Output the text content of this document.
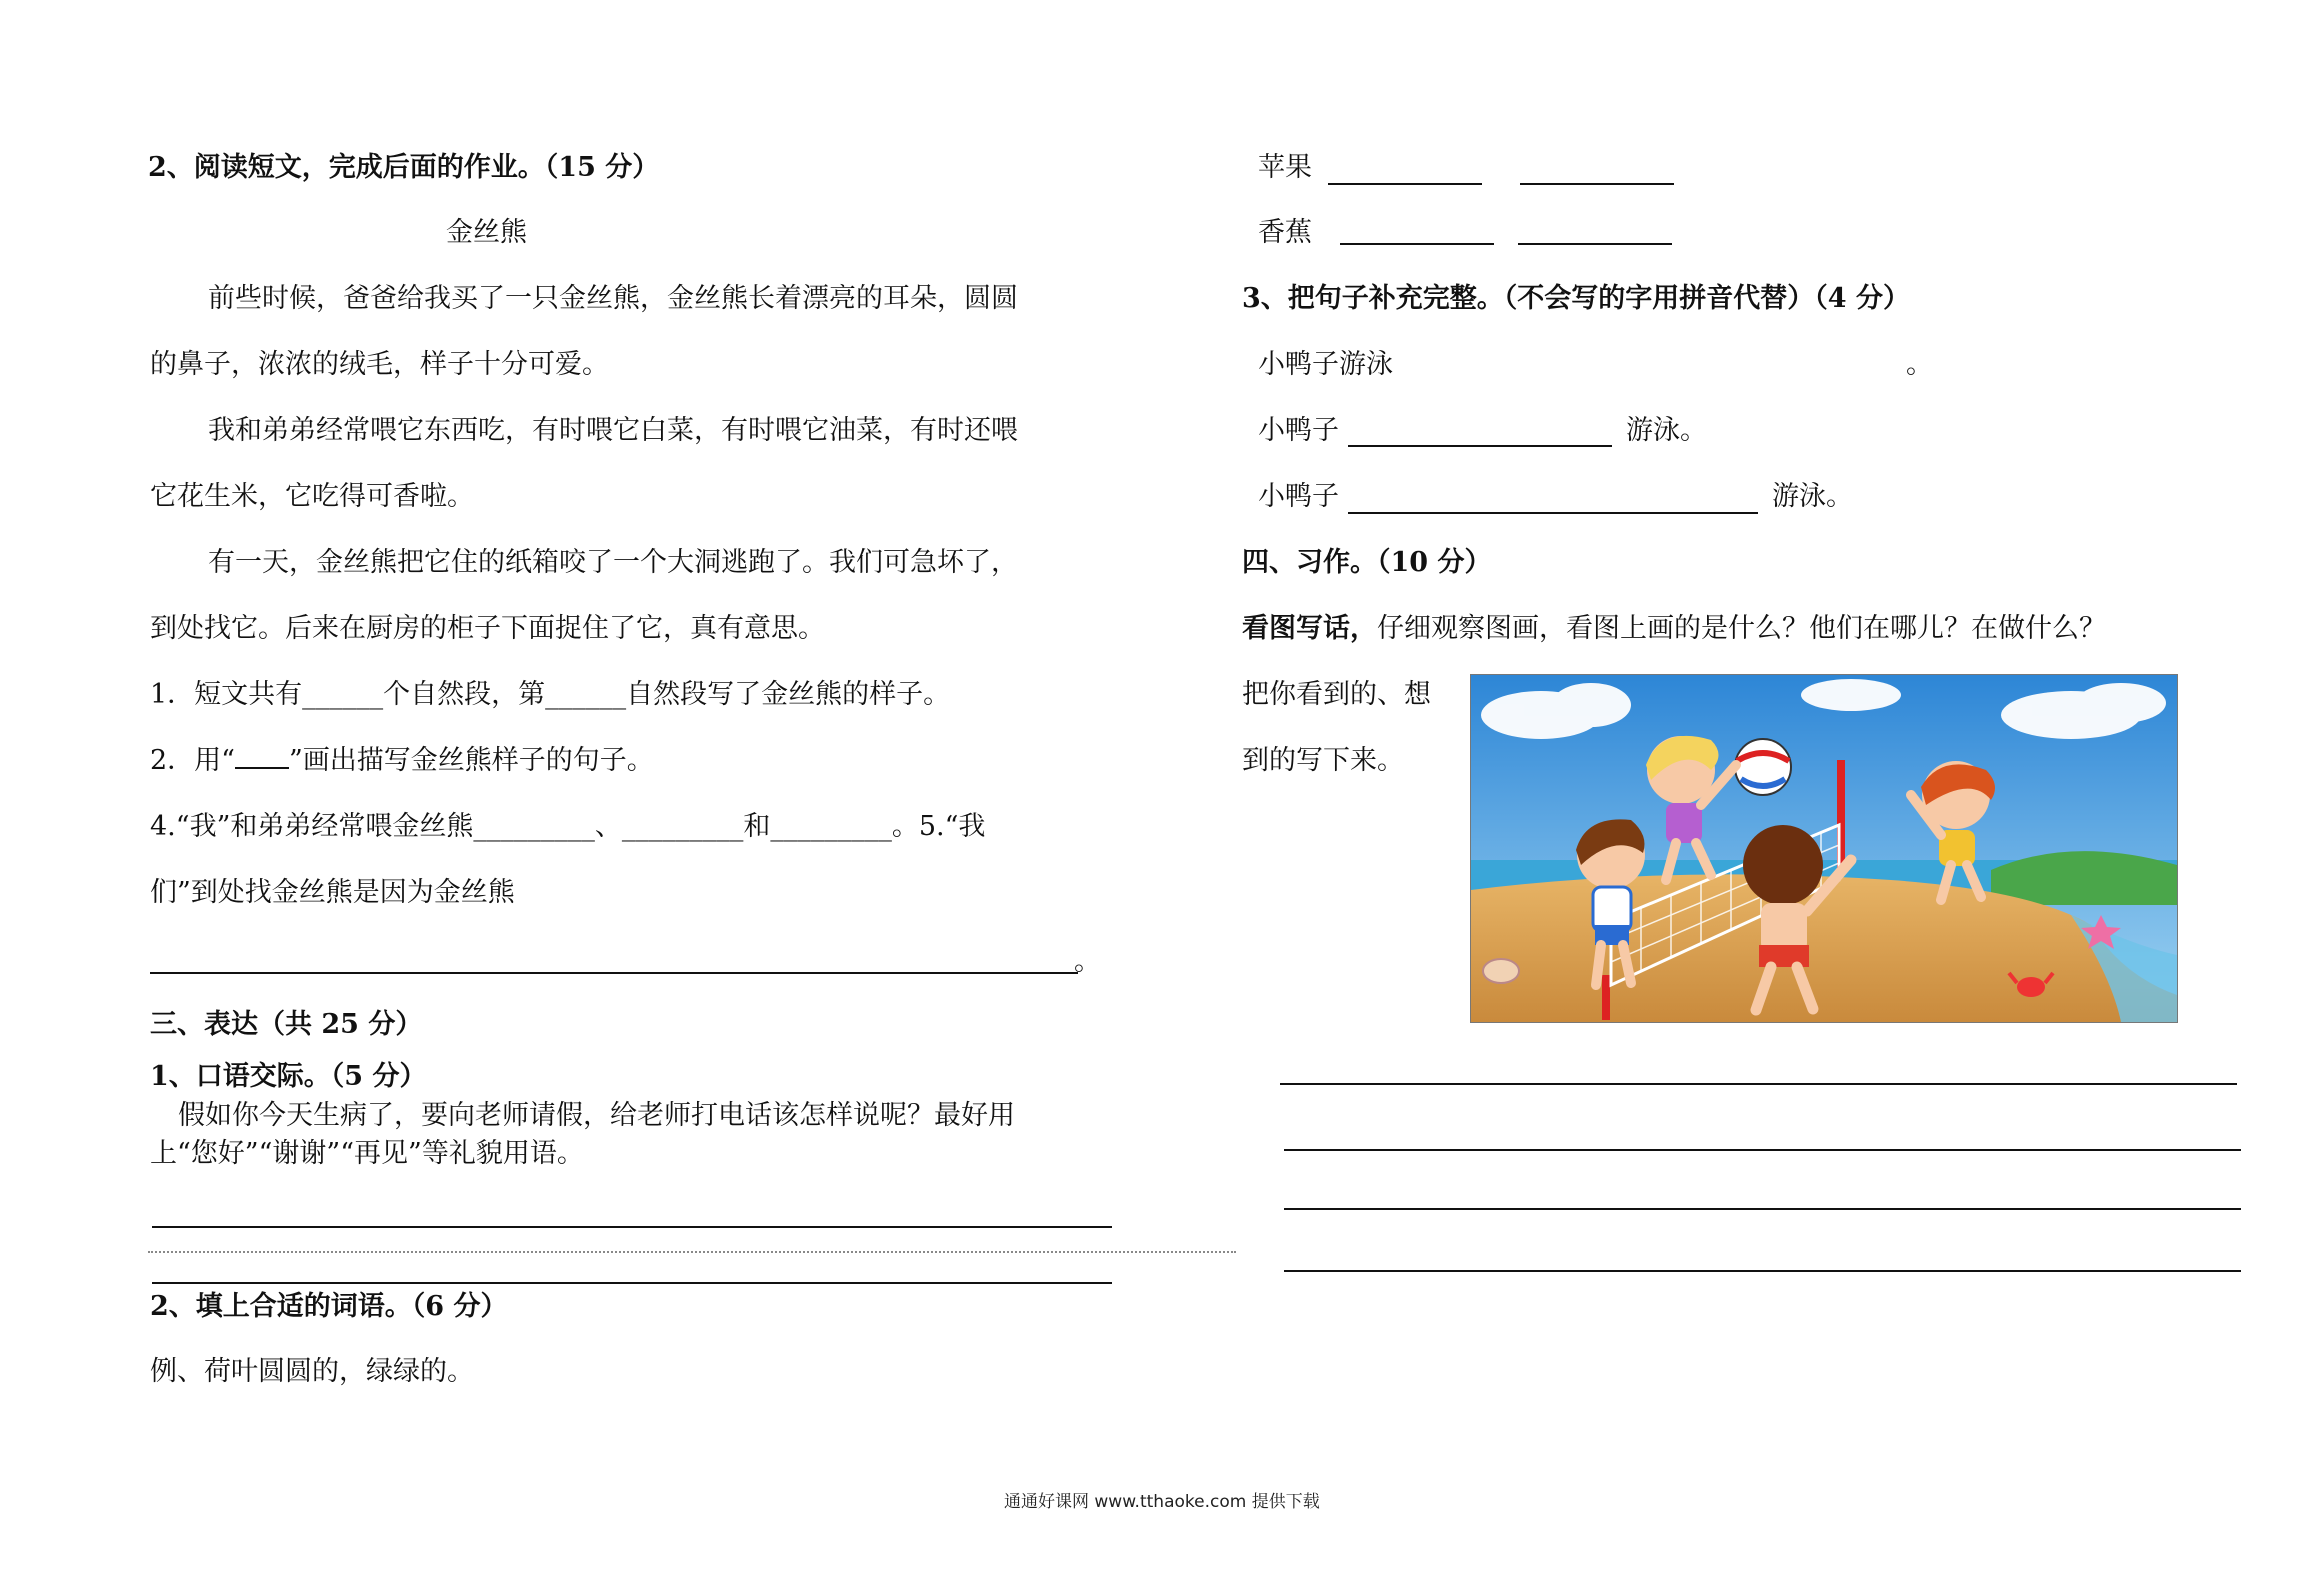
2、阅读短文，完成后面的作业。（15 分）
金丝熊
前些时候，爸爸给我买了一只金丝熊，金丝熊长着漂亮的耳朵，圆圆
的鼻子，浓浓的绒毛，样子十分可爱。
我和弟弟经常喂它东西吃，有时喂它白菜，有时喂它油菜，有时还喂
它花生米，它吃得可香啦。
有一天，金丝熊把它住的纸箱咬了一个大洞逃跑了。我们可急坏了，
到处找它。后来在厨房的柜子下面捉住了它，真有意思。
1．短文共有______个自然段，第______自然段写了金丝熊的样子。
2．用“ ”画出描写金丝熊样子的句子。
4.“我”和弟弟经常喂金丝熊_________、_________和_________。5.“我
们”到处找金丝熊是因为金丝熊
。
三、表达（共 25 分）
1、口语交际。（5 分）
假如你今天生病了，要向老师请假，给老师打电话该怎样说呢？最好用
上“您好”“谢谢”“再见”等礼貌用语。
2、填上合适的词语。（6 分）
例、荷叶圆圆的，绿绿的。
苹果
香蕉
3、把句子补充完整。（不会写的字用拼音代替）（4 分）
小鸭子游泳	。
小鸭子	游泳。
小鸭子	游泳。
四、习作。（10 分）
看图写话，仔细观察图画，看图上画的是什么？他们在哪儿？在做什么？
把你看到的、想
到的写下来。
通通好课网 www.tthaoke.com 提供下载
